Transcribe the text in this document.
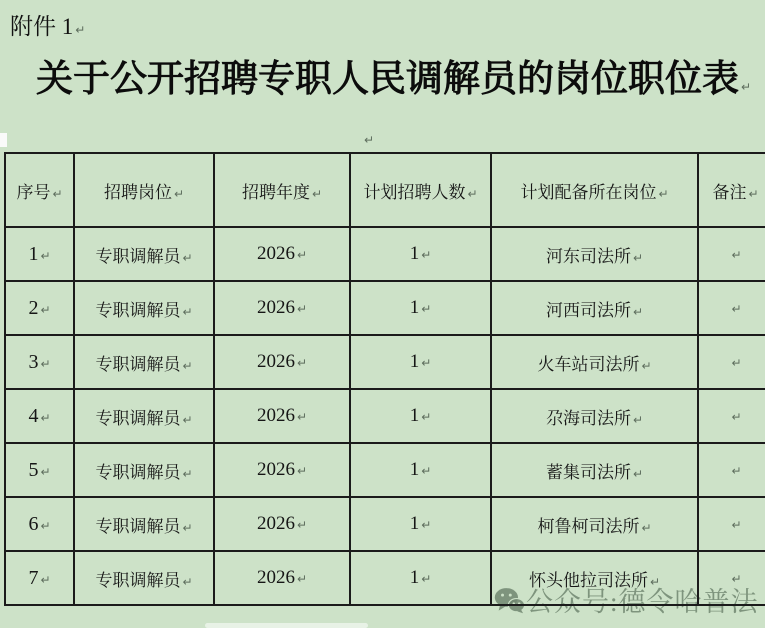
附件 1 ↵
关于公开招聘专职人民调解员的岗位职位表 ↵
↵
公众号:德令哈普法
序号 ↵	招聘岗位 ↵	招聘年度 ↵	计划招聘人数 ↵	计划配备所在岗位 ↵	备注 ↵
1 ↵	专职调解员 ↵	2026 ↵	1 ↵	河东司法所 ↵	↵
2 ↵	专职调解员 ↵	2026 ↵	1 ↵	河西司法所 ↵	↵
3 ↵	专职调解员 ↵	2026 ↵	1 ↵	火车站司法所 ↵	↵
4 ↵	专职调解员 ↵	2026 ↵	1 ↵	尕海司法所 ↵	↵
5 ↵	专职调解员 ↵	2026 ↵	1 ↵	蓄集司法所 ↵	↵
6 ↵	专职调解员 ↵	2026 ↵	1 ↵	柯鲁柯司法所 ↵	↵
7 ↵	专职调解员 ↵	2026 ↵	1 ↵	怀头他拉司法所 ↵	↵
